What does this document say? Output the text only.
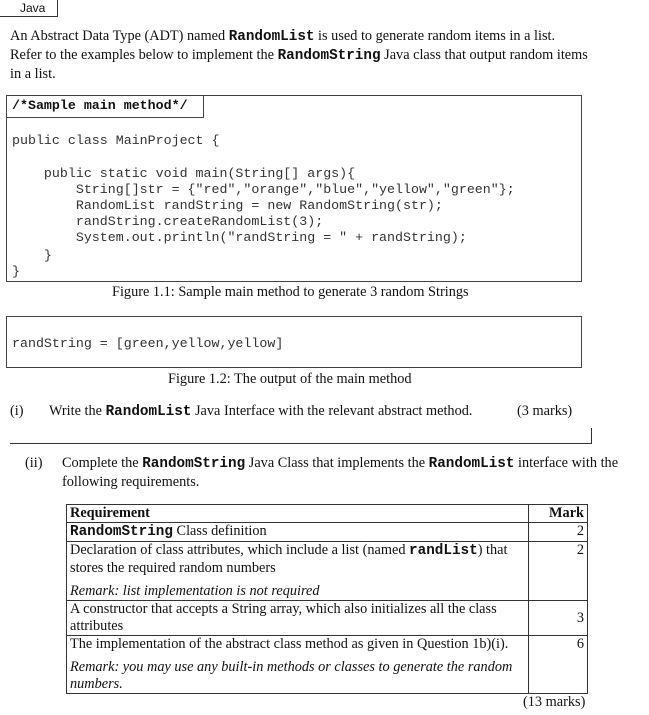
Java
An Abstract Data Type (ADT) named RandomList is used to generate random items in a list. Refer to the examples below to implement the RandomString Java class that output random items in a list.
/*Sample main method*/
public class MainProject {
public static void main(String[] args){
String[]str = {"red","orange","blue","yellow","green"};
RandomList randString = new RandomString(str);
randString.createRandomList(3);
System.out.println("randString = " + randString);
}
}
Figure 1.1: Sample main method to generate 3 random Strings
randString = [green,yellow,yellow]
Figure 1.2: The output of the main method
(i) Write the RandomList Java Interface with the relevant abstract method.	(3 marks)
(ii) Complete the RandomString Java Class that implements the RandomList interface with the following requirements.
Requirement	Mark
RandomString Class definition	2
Declaration of class attributes, which include a list (named randList) that stores the required random numbers
Remark: list implementation is not required	2
A constructor that accepts a String array, which also initializes all the class attributes	3

The implementation of the abstract class method as given in Question 1b)(i).
Remark: you may use any built-in methods or classes to generate the random numbers.	6
(13 marks)
